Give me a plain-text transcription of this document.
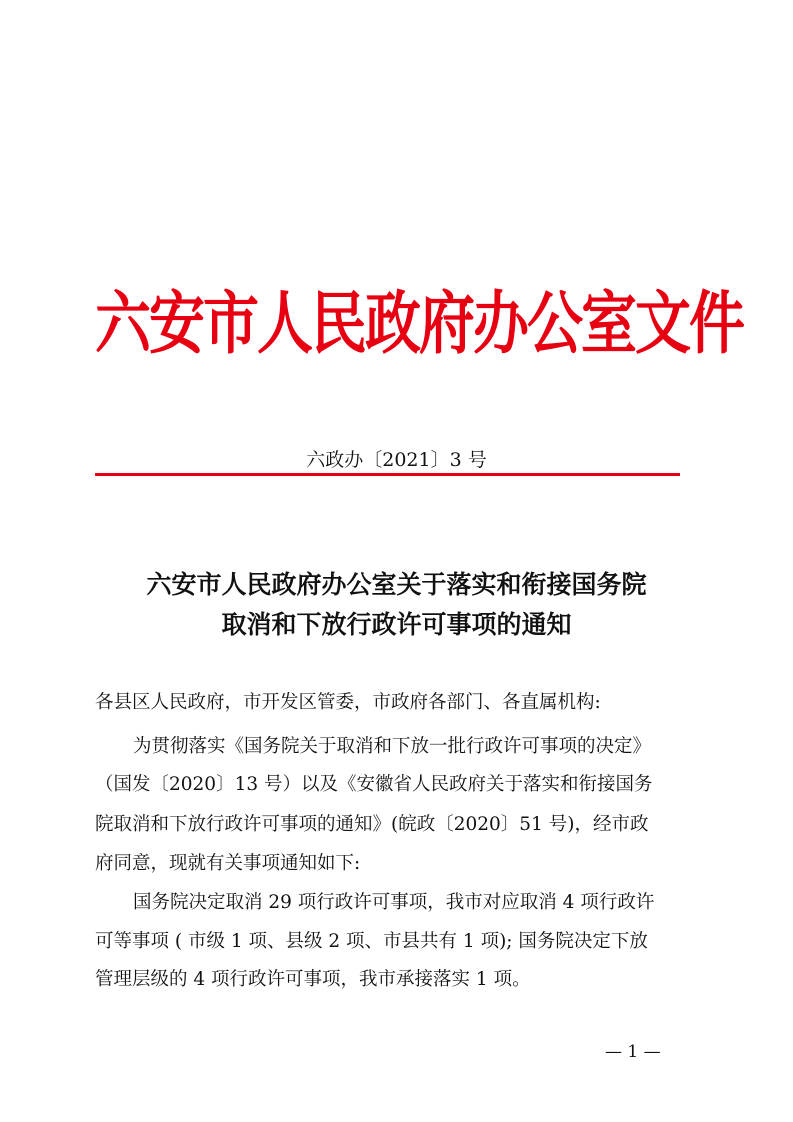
六安市人民政府办公室文件
六政办〔2021〕3 号
六安市人民政府办公室关于落实和衔接国务院
取消和下放行政许可事项的通知
各县区人民政府，市开发区管委，市政府各部门、各直属机构:
为贯彻落实《国务院关于取消和下放一批行政许可事项的决定》
（国发〔2020〕13 号）以及《安徽省人民政府关于落实和衔接国务
院取消和下放行政许可事项的通知》(皖政〔2020〕51 号)，经市政
府同意，现就有关事项通知如下:
国务院决定取消 29 项行政许可事项，我市对应取消 4 项行政许
可等事项 ( 市级 1 项、县级 2 项、市县共有 1 项); 国务院决定下放
管理层级的 4 项行政许可事项，我市承接落实 1 项。
— 1 —
